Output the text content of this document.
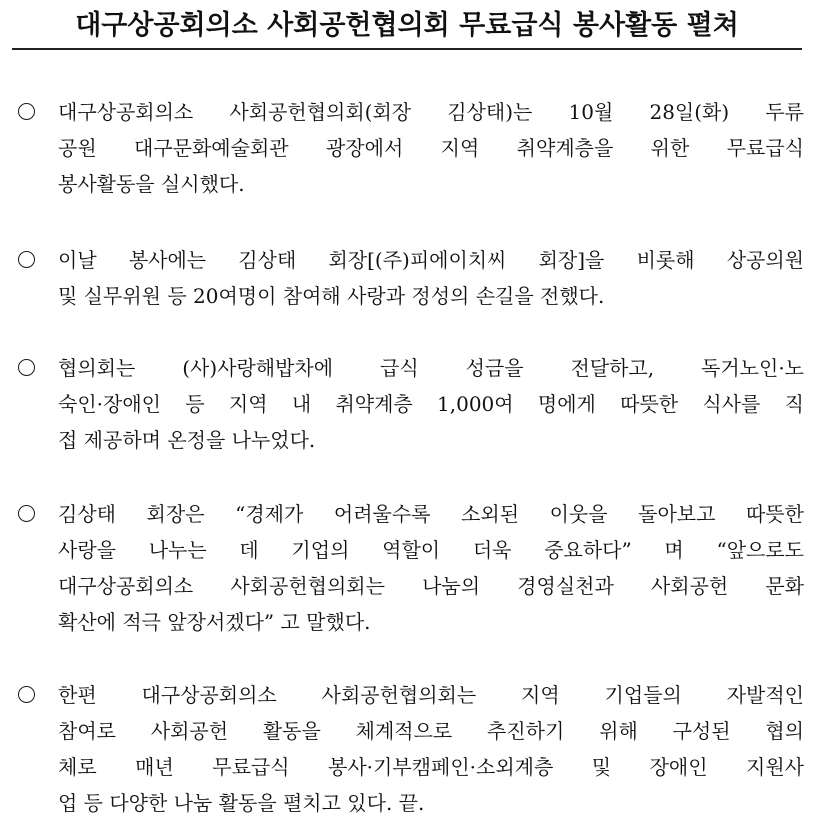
대구상공회의소 사회공헌협의회 무료급식 봉사활동 펼쳐
대구상공회의소 사회공헌협의회(회장 김상태)는 10월 28일(화) 두류
공원 대구문화예술회관 광장에서 지역 취약계층을 위한 무료급식
봉사활동을 실시했다.
이날 봉사에는 김상태 회장[(주)피에이치씨 회장]을 비롯해 상공의원
및 실무위원 등 20여명이 참여해 사랑과 정성의 손길을 전했다.
협의회는 (사)사랑해밥차에 급식 성금을 전달하고, 독거노인·노
숙인·장애인 등 지역 내 취약계층 1,000여 명에게 따뜻한 식사를 직
접 제공하며 온정을 나누었다.
김상태 회장은 “경제가 어려울수록 소외된 이웃을 돌아보고 따뜻한
사랑을 나누는 데 기업의 역할이 더욱 중요하다” 며 “앞으로도
대구상공회의소 사회공헌협의회는 나눔의 경영실천과 사회공헌 문화
확산에 적극 앞장서겠다” 고 말했다.
한편 대구상공회의소 사회공헌협의회는 지역 기업들의 자발적인
참여로 사회공헌 활동을 체계적으로 추진하기 위해 구성된 협의
체로 매년 무료급식 봉사·기부캠페인·소외계층 및 장애인 지원사
업 등 다양한 나눔 활동을 펼치고 있다. 끝.
